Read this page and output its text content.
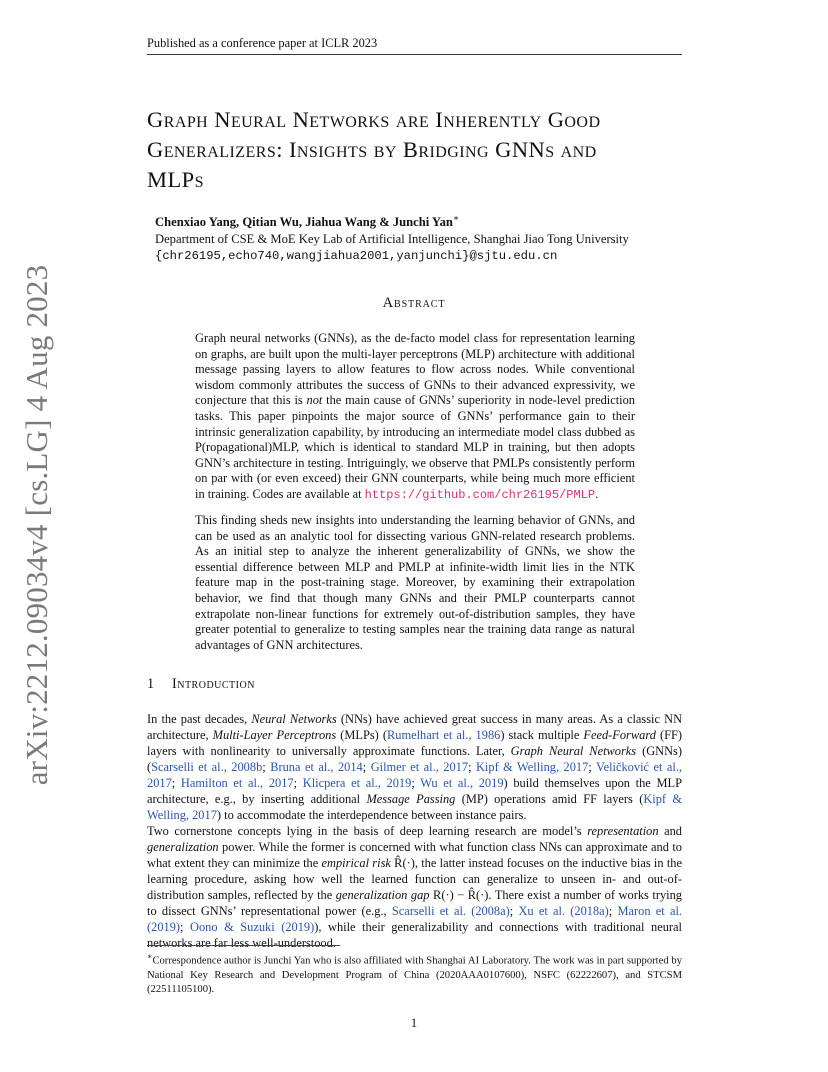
Published as a conference paper at ICLR 2023
arXiv:2212.09034v4 [cs.LG] 4 Aug 2023
Graph Neural Networks are Inherently Good
Generalizers: Insights by Bridging GNNs and
MLPs
Chenxiao Yang, Qitian Wu, Jiahua Wang & Junchi Yan∗
Department of CSE & MoE Key Lab of Artificial Intelligence, Shanghai Jiao Tong University
{chr26195,echo740,wangjiahua2001,yanjunchi}@sjtu.edu.cn
Abstract
Graph neural networks (GNNs), as the de-facto model class for representation learning on graphs, are built upon the multi-layer perceptrons (MLP) architecture with additional message passing layers to allow features to flow across nodes. While conventional wisdom commonly attributes the success of GNNs to their advanced expressivity, we conjecture that this is not the main cause of GNNs’ superiority in node-level prediction tasks. This paper pinpoints the major source of GNNs’ performance gain to their intrinsic generalization capability, by introducing an intermediate model class dubbed as P(ropagational)MLP, which is identical to standard MLP in training, but then adopts GNN’s architecture in testing. Intriguingly, we observe that PMLPs consistently perform on par with (or even exceed) their GNN counterparts, while being much more efficient in training. Codes are available at https://github.com/chr26195/PMLP.
This finding sheds new insights into understanding the learning behavior of GNNs, and can be used as an analytic tool for dissecting various GNN-related research problems. As an initial step to analyze the inherent generalizability of GNNs, we show the essential difference between MLP and PMLP at infinite-width limit lies in the NTK feature map in the post-training stage. Moreover, by examining their extrapolation behavior, we find that though many GNNs and their PMLP counterparts cannot extrapolate non-linear functions for extremely out-of-distribution samples, they have greater potential to generalize to testing samples near the training data range as natural advantages of GNN architectures.
1 Introduction
In the past decades, Neural Networks (NNs) have achieved great success in many areas. As a classic NN architecture, Multi-Layer Perceptrons (MLPs) (Rumelhart et al., 1986) stack multiple Feed-Forward (FF) layers with nonlinearity to universally approximate functions. Later, Graph Neural Networks (GNNs) (Scarselli et al., 2008b; Bruna et al., 2014; Gilmer et al., 2017; Kipf & Welling, 2017; Veličković et al., 2017; Hamilton et al., 2017; Klicpera et al., 2019; Wu et al., 2019) build themselves upon the MLP architecture, e.g., by inserting additional Message Passing (MP) operations amid FF layers (Kipf & Welling, 2017) to accommodate the interdependence between instance pairs.
Two cornerstone concepts lying in the basis of deep learning research are model’s representation and generalization power. While the former is concerned with what function class NNs can approximate and to what extent they can minimize the empirical risk R̂(·), the latter instead focuses on the inductive bias in the learning procedure, asking how well the learned function can generalize to unseen in- and out-of-distribution samples, reflected by the generalization gap R(·) − R̂(·). There exist a number of works trying to dissect GNNs’ representational power (e.g., Scarselli et al. (2008a); Xu et al. (2018a); Maron et al. (2019); Oono & Suzuki (2019)), while their generalizability and connections with traditional neural networks are far less well-understood.
∗Correspondence author is Junchi Yan who is also affiliated with Shanghai AI Laboratory. The work was in part supported by National Key Research and Development Program of China (2020AAA0107600), NSFC (62222607), and STCSM (22511105100).
1
